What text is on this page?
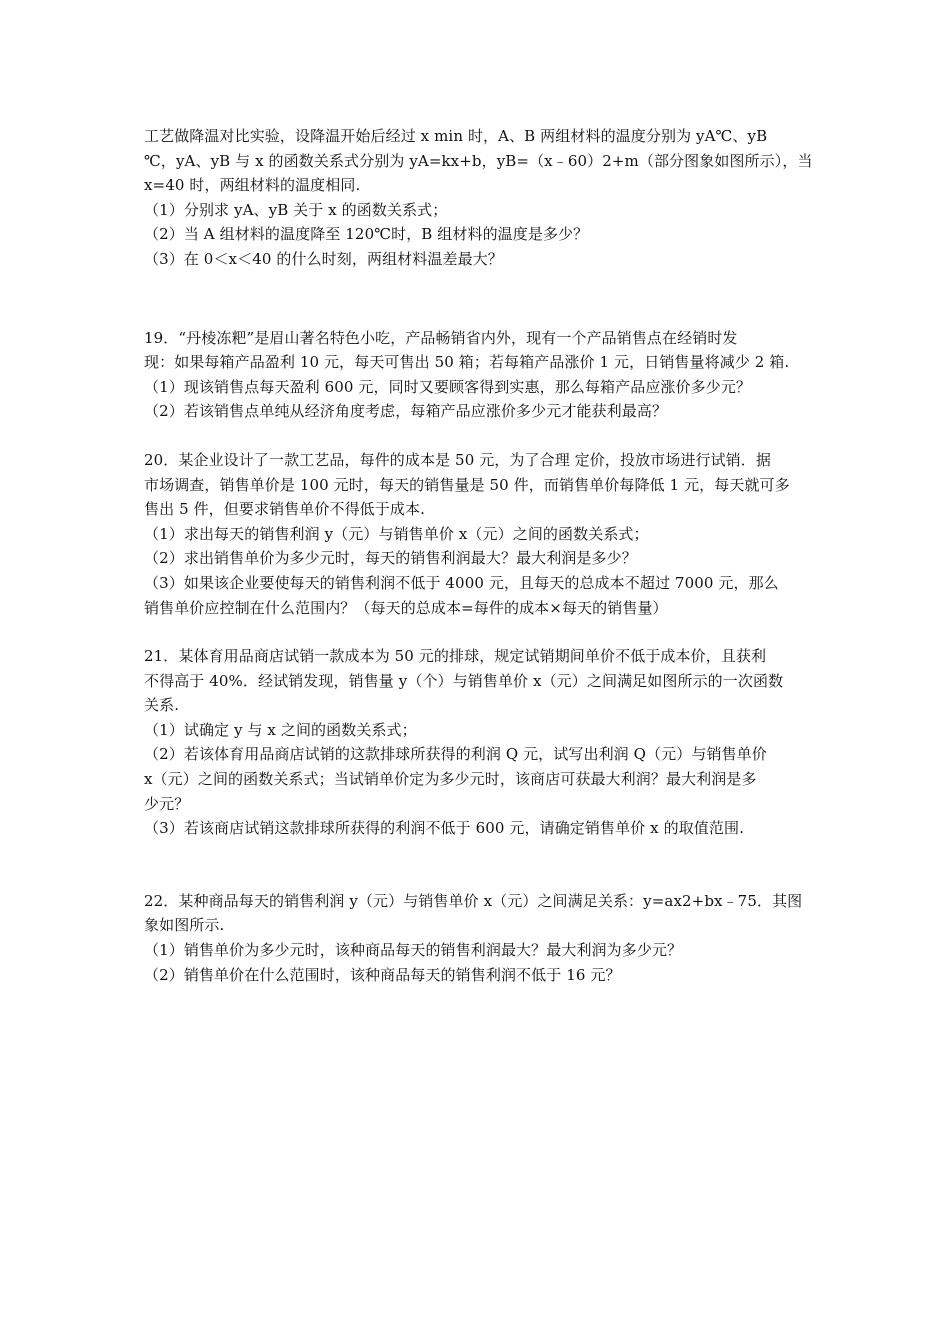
工艺做降温对比实验，设降温开始后经过 x min 时，A、B 两组材料的温度分别为 yA℃、yB
℃，yA、yB 与 x 的函数关系式分别为 yA=kx+b，yB=（x﹣60）2+m（部分图象如图所示），当
x=40 时，两组材料的温度相同.
（1）分别求 yA、yB 关于 x 的函数关系式；
（2）当 A 组材料的温度降至 120℃时，B 组材料的温度是多少？
（3）在 0＜x＜40 的什么时刻，两组材料温差最大？
19．“丹棱冻粑”是眉山著名特色小吃，产品畅销省内外，现有一个产品销售点在经销时发
现：如果每箱产品盈利 10 元，每天可售出 50 箱；若每箱产品涨价 1 元，日销售量将减少 2 箱.
（1）现该销售点每天盈利 600 元，同时又要顾客得到实惠，那么每箱产品应涨价多少元？
（2）若该销售点单纯从经济角度考虑，每箱产品应涨价多少元才能获利最高？
20．某企业设计了一款工艺品，每件的成本是 50 元，为了合理 定价，投放市场进行试销．据
市场调查，销售单价是 100 元时，每天的销售量是 50 件，而销售单价每降低 1 元，每天就可多
售出 5 件，但要求销售单价不得低于成本.
（1）求出每天的销售利润 y（元）与销售单价 x（元）之间的函数关系式；
（2）求出销售单价为多少元时，每天的销售利润最大？最大利润是多少？
（3）如果该企业要使每天的销售利润不低于 4000 元，且每天的总成本不超过 7000 元，那么
销售单价应控制在什么范围内？（每天的总成本=每件的成本×每天的销售量）
21．某体育用品商店试销一款成本为 50 元的排球，规定试销期间单价不低于成本价，且获利
不得高于 40%．经试销发现，销售量 y（个）与销售单价 x（元）之间满足如图所示的一次函数
关系.
（1）试确定 y 与 x 之间的函数关系式；
（2）若该体育用品商店试销的这款排球所获得的利润 Q 元，试写出利润 Q（元）与销售单价
x（元）之间的函数关系式；当试销单价定为多少元时，该商店可获最大利润？最大利润是多
少元？
（3）若该商店试销这款排球所获得的利润不低于 600 元，请确定销售单价 x 的取值范围.
22．某种商品每天的销售利润 y（元）与销售单价 x（元）之间满足关系：y=ax2+bx﹣75．其图
象如图所示.
（1）销售单价为多少元时，该种商品每天的销售利润最大？最大利润为多少元？
（2）销售单价在什么范围时，该种商品每天的销售利润不低于 16 元？
